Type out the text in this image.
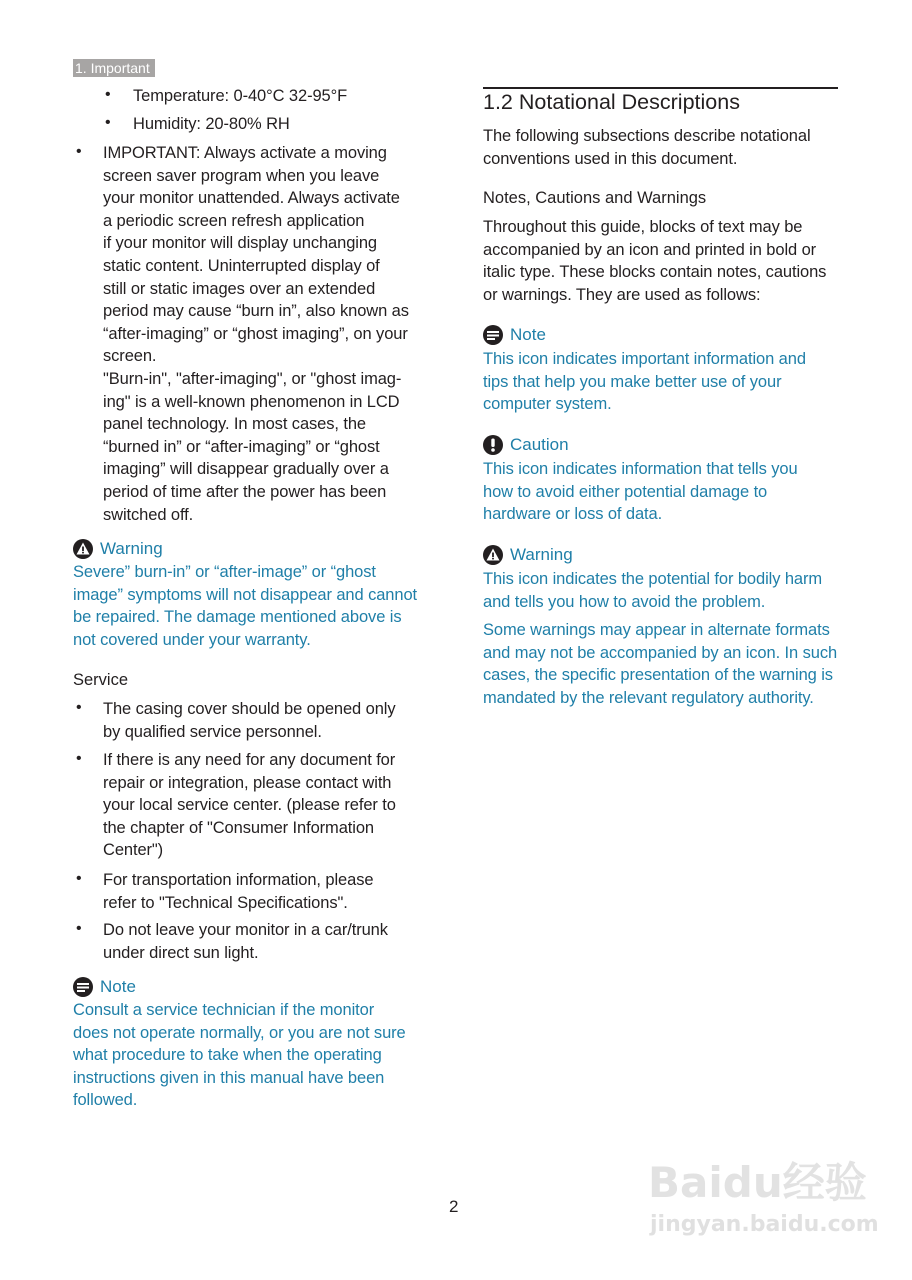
1. Important
• Temperature: 0-40°C 32-95°F
• Humidity: 20-80% RH
• IMPORTANT: Always activate a moving
screen saver program when you leave
your monitor unattended. Always activate
a periodic screen refresh application
if your monitor will display unchanging
static content. Uninterrupted display of
still or static images over an extended
period may cause “burn in”, also known as
“after-imaging” or “ghost imaging”, on your
screen.
"Burn-in", "after-imaging", or "ghost imag-
ing" is a well-known phenomenon in LCD
panel technology. In most cases, the
“burned in” or “after-imaging” or “ghost
imaging” will disappear gradually over a
period of time after the power has been
switched off.
Warning
Severe” burn-in” or “after-image” or “ghost
image” symptoms will not disappear and cannot
be repaired. The damage mentioned above is
not covered under your warranty.
Service
• The casing cover should be opened only
by qualified service personnel.
• If there is any need for any document for
repair or integration, please contact with
your local service center. (please refer to
the chapter of "Consumer Information
Center")
• For transportation information, please
refer to "Technical Specifications".
• Do not leave your monitor in a car/trunk
under direct sun light.
Note
Consult a service technician if the monitor
does not operate normally, or you are not sure
what procedure to take when the operating
instructions given in this manual have been
followed.
1.2 Notational Descriptions
The following subsections describe notational
conventions used in this document.
Notes, Cautions and Warnings
Throughout this guide, blocks of text may be
accompanied by an icon and printed in bold or
italic type. These blocks contain notes, cautions
or warnings. They are used as follows:
Note
This icon indicates important information and
tips that help you make better use of your
computer system.
Caution
This icon indicates information that tells you
how to avoid either potential damage to
hardware or loss of data.
Warning
This icon indicates the potential for bodily harm
and tells you how to avoid the problem.
Some warnings may appear in alternate formats
and may not be accompanied by an icon. In such
cases, the specific presentation of the warning is
mandated by the relevant regulatory authority.
2	Baidu经验
jingyan.baidu.com
